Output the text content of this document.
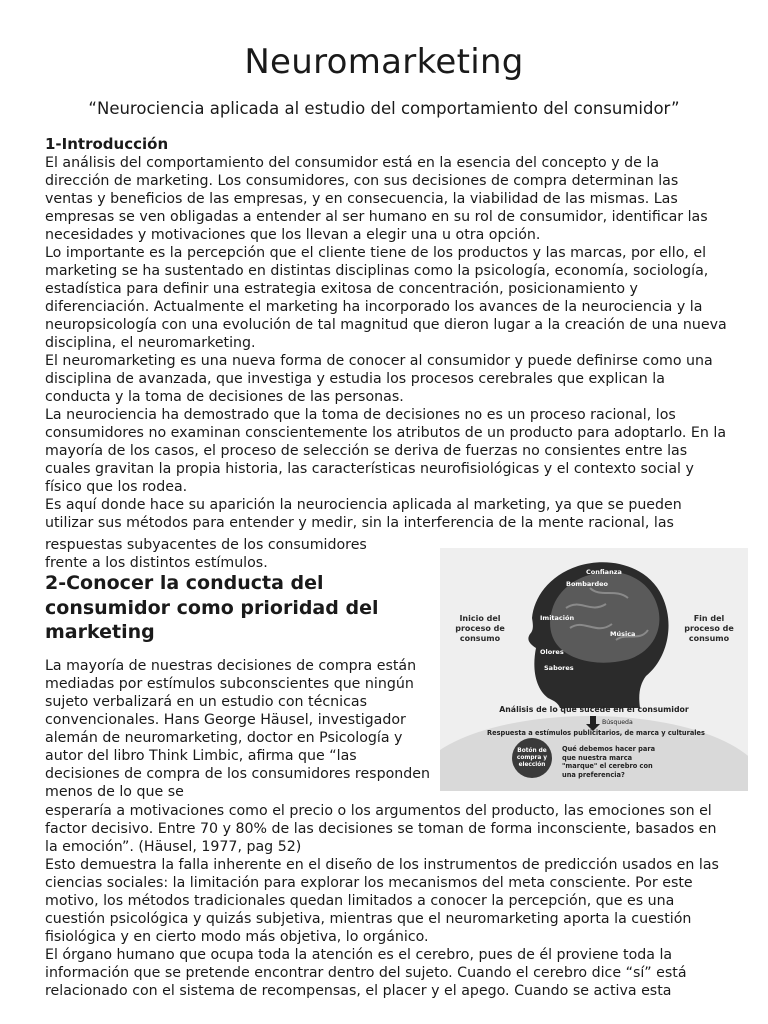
Neuromarketing
“Neurociencia aplicada al estudio del comportamiento del consumidor”
1-Introducción

El análisis del comportamiento del consumidor está en la esencia del concepto y de la dirección de marketing. Los consumidores, con sus decisiones de compra determinan las ventas y beneficios de las empresas, y en consecuencia, la viabilidad de las mismas. Las empresas se ven obligadas a entender al ser humano en su rol de consumidor, identificar las necesidades y motivaciones que los llevan a elegir una u otra opción.

Lo importante es la percepción que el cliente tiene de los productos y las marcas, por ello, el marketing se ha sustentado en distintas disciplinas como la psicología, economía, sociología, estadística para definir una estrategia exitosa de concentración, posicionamiento y diferenciación. Actualmente el marketing ha incorporado los avances de la neurociencia y la neuropsicología con una evolución de tal magnitud que dieron lugar a la creación de una nueva disciplina, el neuromarketing.

El neuromarketing es una nueva forma de conocer al consumidor y puede definirse como una disciplina de avanzada, que investiga y estudia los procesos cerebrales que explican la conducta y la toma de decisiones de las personas.

La neurociencia ha demostrado que la toma de decisiones no es un proceso racional, los consumidores no examinan conscientemente los atributos de un producto para adoptarlo. En la mayoría de los casos, el proceso de selección se deriva de fuerzas no consientes entre las cuales gravitan la propia historia, las características neurofisiológicas y el contexto social y físico que los rodea.

Es aquí donde hace su aparición la neurociencia aplicada al marketing, ya que se pueden utilizar sus métodos para entender y medir, sin la interferencia de la mente racional, las

respuestas subyacentes de los consumidores frente a los distintos estímulos.

2-Conocer la conducta del consumidor como prioridad del marketing

La mayoría de nuestras decisiones de compra están mediadas por estímulos subconscientes que ningún sujeto verbalizará en un estudio con técnicas convencionales. Hans George Häusel, investigador alemán de neuromarketing, doctor en Psicología y autor del libro Think Limbic, afirma que “las decisiones de compra de los consumidores responden menos de lo que se

esperaría a motivaciones como el precio o los argumentos del producto, las emociones son el factor decisivo. Entre 70 y 80% de las decisiones se toman de forma inconsciente, basados en la emoción”. (Häusel, 1977, pag 52)

Esto demuestra la falla inherente en el diseño de los instrumentos de predicción usados en las ciencias sociales: la limitación para explorar los mecanismos del meta consciente. Por este motivo, los métodos tradicionales quedan limitados a conocer la percepción, que es una cuestión psicológica y quizás subjetiva, mientras que el neuromarketing aporta la cuestión fisiológica y en cierto modo más objetiva, lo orgánico.

El órgano humano que ocupa toda la atención es el cerebro, pues de él proviene toda la información que se pretende encontrar dentro del sujeto. Cuando el cerebro dice “sí” está relacionado con el sistema de recompensas, el placer y el apego. Cuando se activa esta

Inicio del proceso de consumo
Fin del proceso de consumo
Confianza
Bombardeo
Imitación
Música
Olores
Sabores
Análisis de lo que sucede en el consumidor
Búsqueda
Respuesta a estímulos publicitarios, de marca y culturales
Botón de compra y elección
Qué debemos hacer para que nuestra marca "marque" el cerebro con una preferencia?
